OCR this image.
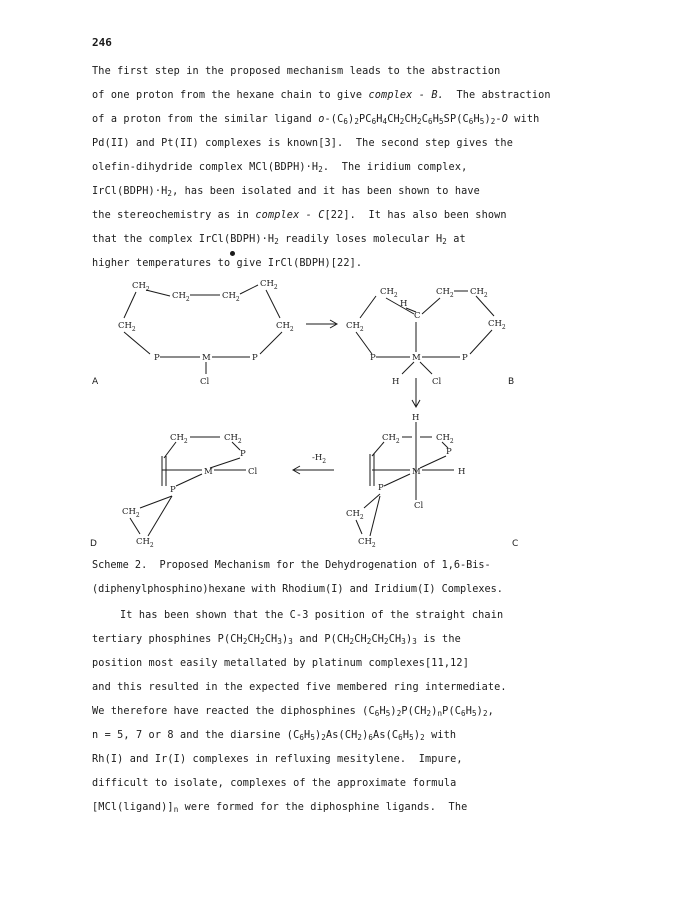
246
The first step in the proposed mechanism leads to the abstraction
of one proton from the hexane chain to give complex - B.  The abstraction
of a proton from the similar ligand $o-(C_6)_2PC_6H_4CH_2CH_2C_6H_5SP(C_6H_5)_2-O$ with
Pd(II) and Pt(II) complexes is known[3].  The second step gives the
olefin-dihydride complex $MCl(BDPH)\cdot H_2$.  The iridium complex,
$IrCl(BDPH)\cdot H_2$, has been isolated and it has been shown to have
the stereochemistry as in complex - C[22].  It has also been shown
that the complex $IrCl(BDPH)\cdot H_2$ readily loses molecular $H_2$ at
higher temperatures to give IrCl(BDPH)[22].
$CH_2$
$CH_2$	$CH_2$
$CH_2$
$CH_2$	$CH_2$
P	M	P
Cl
A
$CH_2$	$CH_2$ $CH_2$
H
C
$CH_2$
$CH_2$
P	M	P
H	Cl	B
H
$CH_2$	$CH_2$
P
M	H
P
Cl
$CH_2$
$CH_2$	C
$-H_2$
$CH_2$	$CH_2$
P
M	Cl
P
$CH_2$
$CH_2$
D
Scheme 2.  Proposed Mechanism for the Dehydrogenation of 1,6-Bis-
(diphenylphosphino)hexane with Rhodium(I) and Iridium(I) Complexes.
It has been shown that the C-3 position of the straight chain
tertiary phosphines $P(CH_2CH_2CH_3)_3$ and $P(CH_2CH_2CH_2CH_3)_3$ is the
position most easily metallated by platinum complexes[11,12]
and this resulted in the expected five membered ring intermediate.
We therefore have reacted the diphosphines $(C_6H_5)_2P(CH_2)_nP(C_6H_5)_2$,
n = 5, 7 or 8 and the diarsine $(C_6H_5)_2As(CH_2)_6As(C_6H_5)_2$ with
Rh(I) and Ir(I) complexes in refluxing mesitylene.  Impure,
difficult to isolate, complexes of the approximate formula
$[MCl(ligand)]_n$ were formed for the diphosphine ligands.  The
